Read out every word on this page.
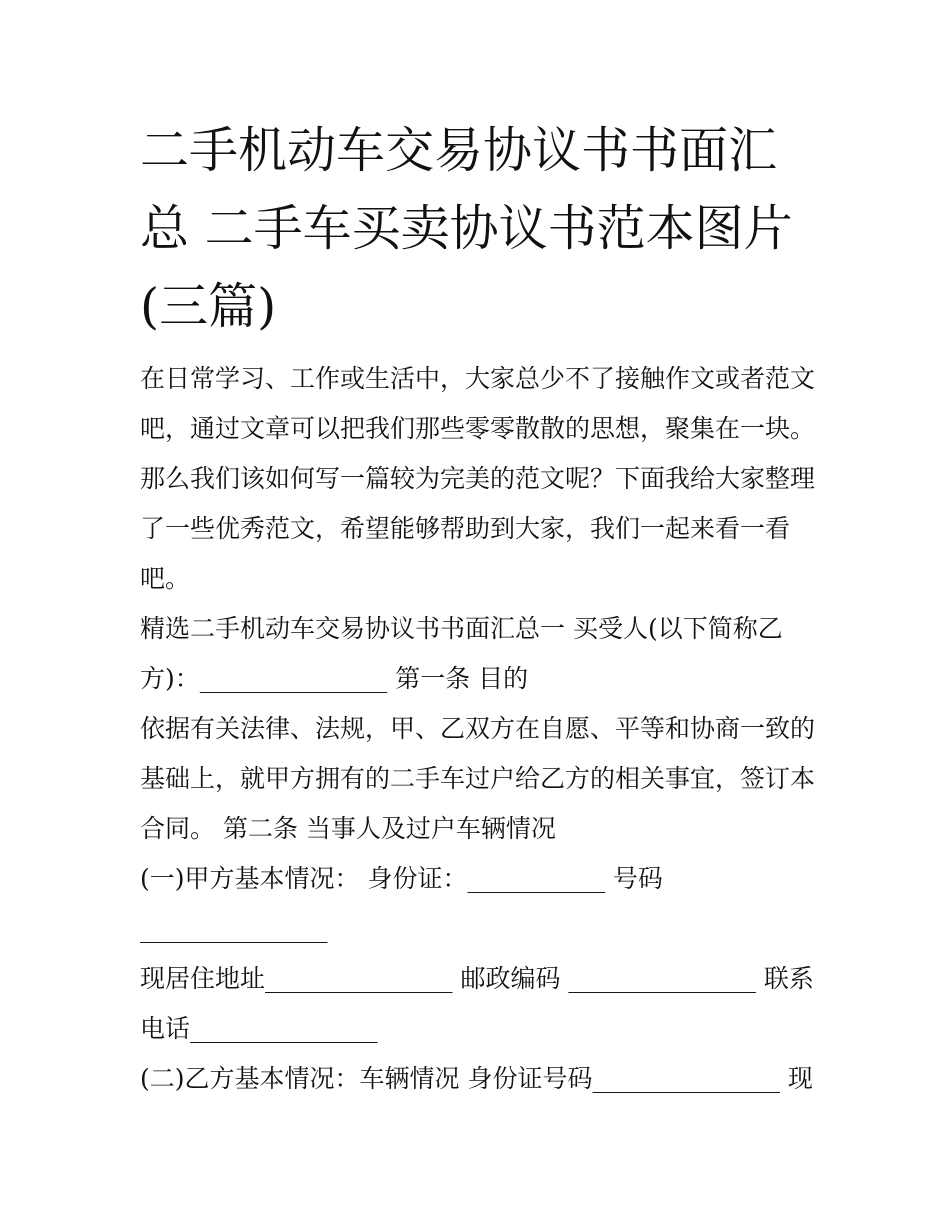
二手机动车交易协议书书面汇
总 二手车买卖协议书范本图片
(三篇)

在日常学习、工作或生活中，大家总少不了接触作文或者范文
吧，通过文章可以把我们那些零零散散的思想，聚集在一块。
那么我们该如何写一篇较为完美的范文呢？下面我给大家整理
了一些优秀范文，希望能够帮助到大家，我们一起来看一看
吧。

精选二手机动车交易协议书书面汇总一 买受人(以下简称乙
方)：_______________ 第一条 目的

依据有关法律、法规，甲、乙双方在自愿、平等和协商一致的
基础上，就甲方拥有的二手车过户给乙方的相关事宜，签订本
合同。 第二条 当事人及过户车辆情况

(一)甲方基本情况： 身份证：___________ 号码
_______________
现居住地址_______________ 邮政编码 _______________ 联系
电话_______________
(二)乙方基本情况：车辆情况 身份证号码_______________ 现
